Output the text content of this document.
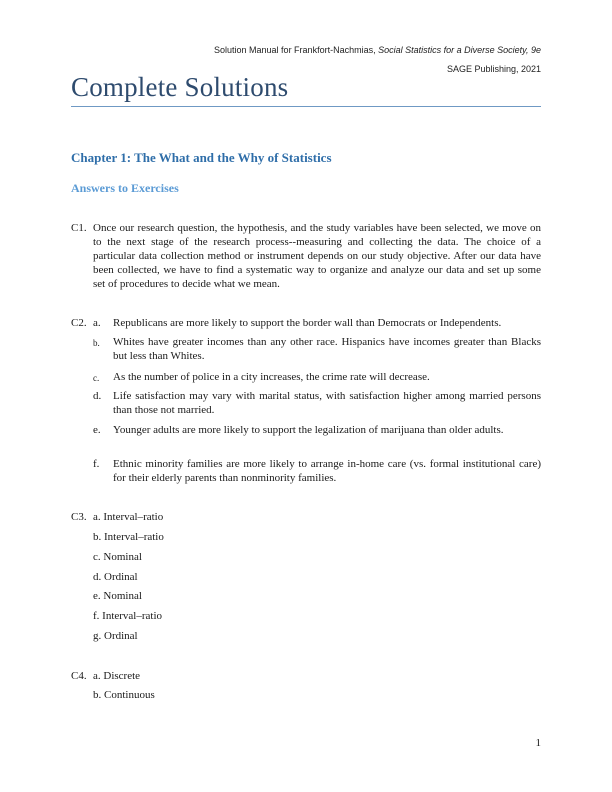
Solution Manual for Frankfort-Nachmias, Social Statistics for a Diverse Society, 9e
SAGE Publishing, 2021
Complete Solutions
Chapter 1: The What and the Why of Statistics
Answers to Exercises
C1. Once our research question, the hypothesis, and the study variables have been selected, we move on to the next stage of the research process--measuring and collecting the data. The choice of a particular data collection method or instrument depends on our study objective. After our data have been collected, we have to find a systematic way to organize and analyze our data and set up some set of procedures to decide what we mean.
C2. a.	Republicans are more likely to support the border wall than Democrats or Independents.
b.	Whites have greater incomes than any other race. Hispanics have incomes greater than Blacks but less than Whites.
c.	As the number of police in a city increases, the crime rate will decrease.
d.	Life satisfaction may vary with marital status, with satisfaction higher among married persons than those not married.
e.	Younger adults are more likely to support the legalization of marijuana than older adults.
f.	Ethnic minority families are more likely to arrange in-home care (vs. formal institutional care) for their elderly parents than nonminority families.
C3. a. Interval–ratio
b. Interval–ratio
c. Nominal
d. Ordinal
e. Nominal
f. Interval–ratio
g. Ordinal
C4. a. Discrete
b. Continuous
1
